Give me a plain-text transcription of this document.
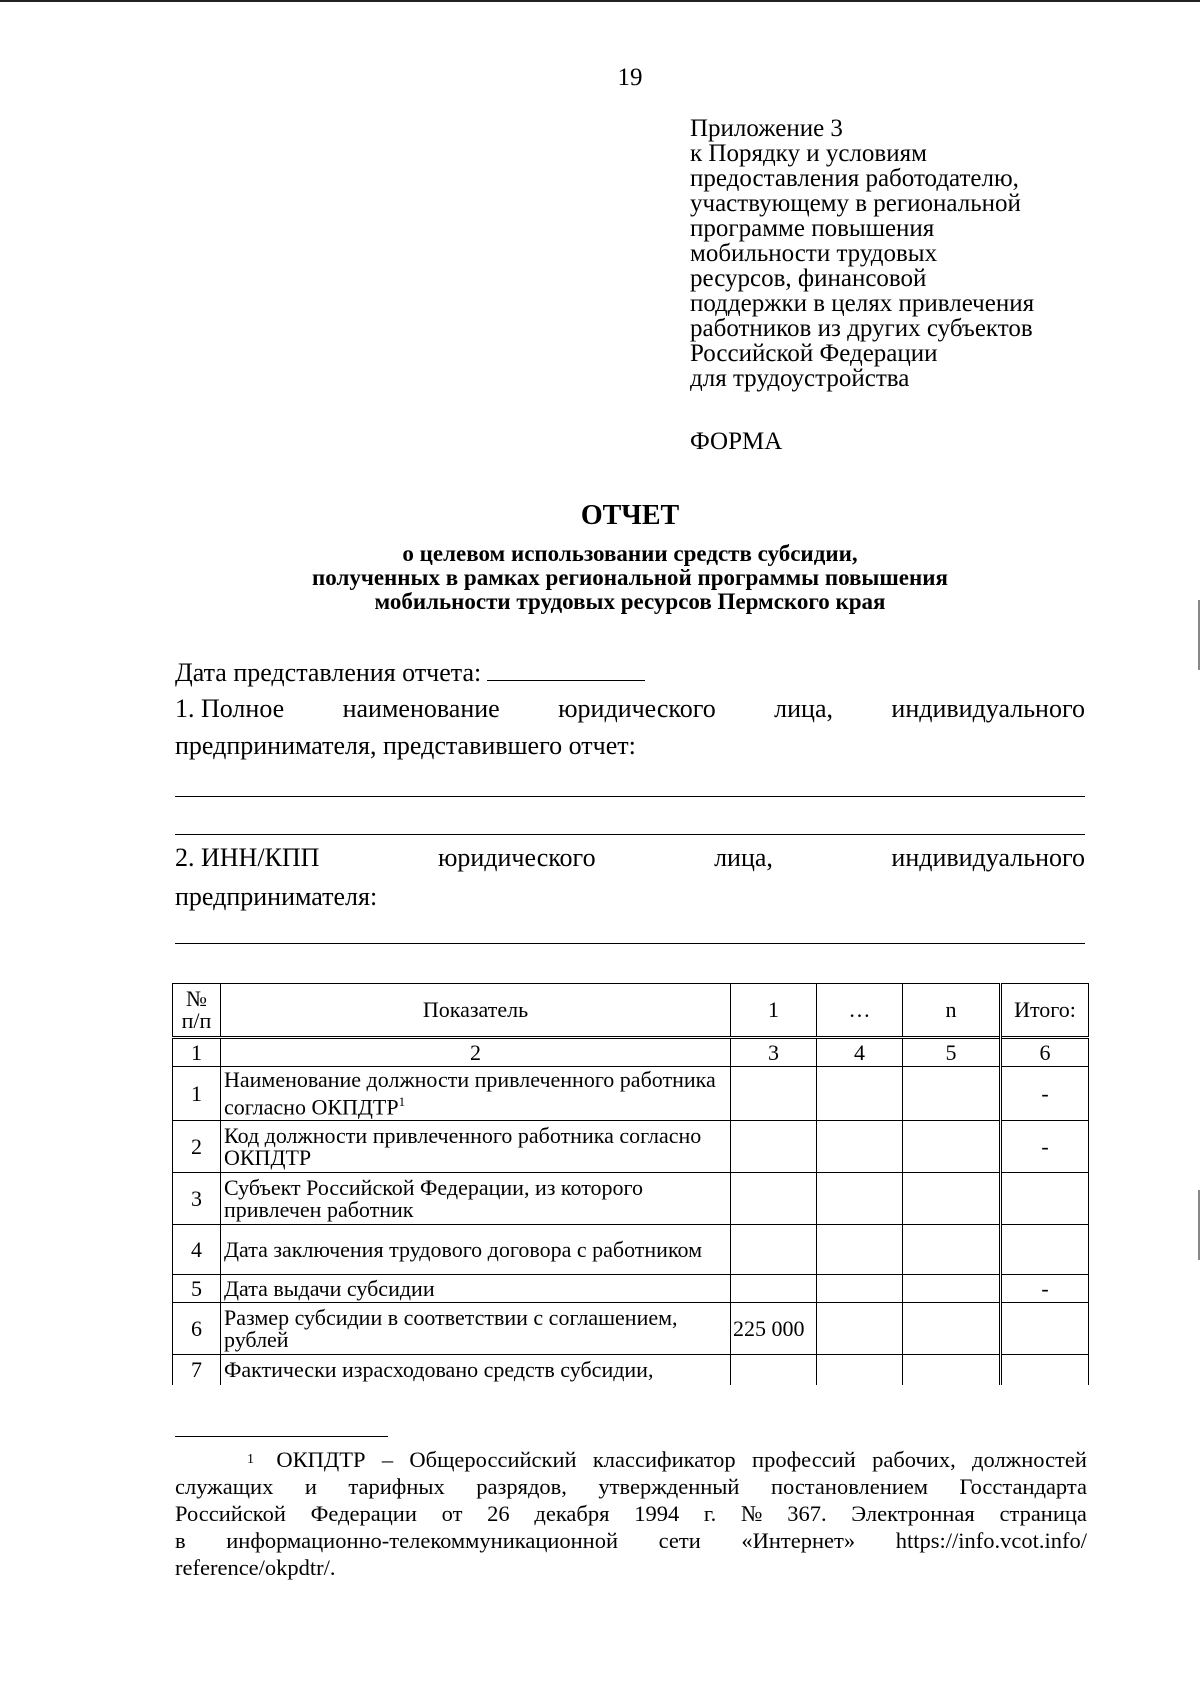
19
Приложение 3
к Порядку и условиям
предоставления работодателю,
участвующему в региональной
программе повышения
мобильности трудовых
ресурсов, финансовой
поддержки в целях привлечения
работников из других субъектов
Российской Федерации
для трудоустройства
ФОРМА
ОТЧЕТ
о целевом использовании средств субсидии,
полученных в рамках региональной программы повышения
мобильности трудовых ресурсов Пермского края
Дата представления отчета:
1. Полное наименование юридического лица, индивидуального
предпринимателя, представившего отчет:
2. ИНН/КПП	юридического	лица,	индивидуального
предпринимателя:
№ п/п	Показатель	1	…	n	Итого:
1	2	3	4	5	6
1	Наименование должности привлеченного работника согласно ОКПДТР$^1$				-
2	Код должности привлеченного работника согласно ОКПДТР				-
3	Субъект Российской Федерации, из которого привлечен работник				
4	Дата заключения трудового договора с работником				
5	Дата выдачи субсидии				-
6	Размер субсидии в соответствии с соглашением, рублей	225 000			
7	Фактически израсходовано средств субсидии,				
1 ОКПДТР – Общероссийский классификатор профессий рабочих, должностей
служащих и тарифных разрядов, утвержденный постановлением Госстандарта
Российской Федерации от 26 декабря 1994 г. № 367. Электронная страница
в информационно-телекоммуникационной сети «Интернет» https://info.vcot.info/
reference/okpdtr/.
